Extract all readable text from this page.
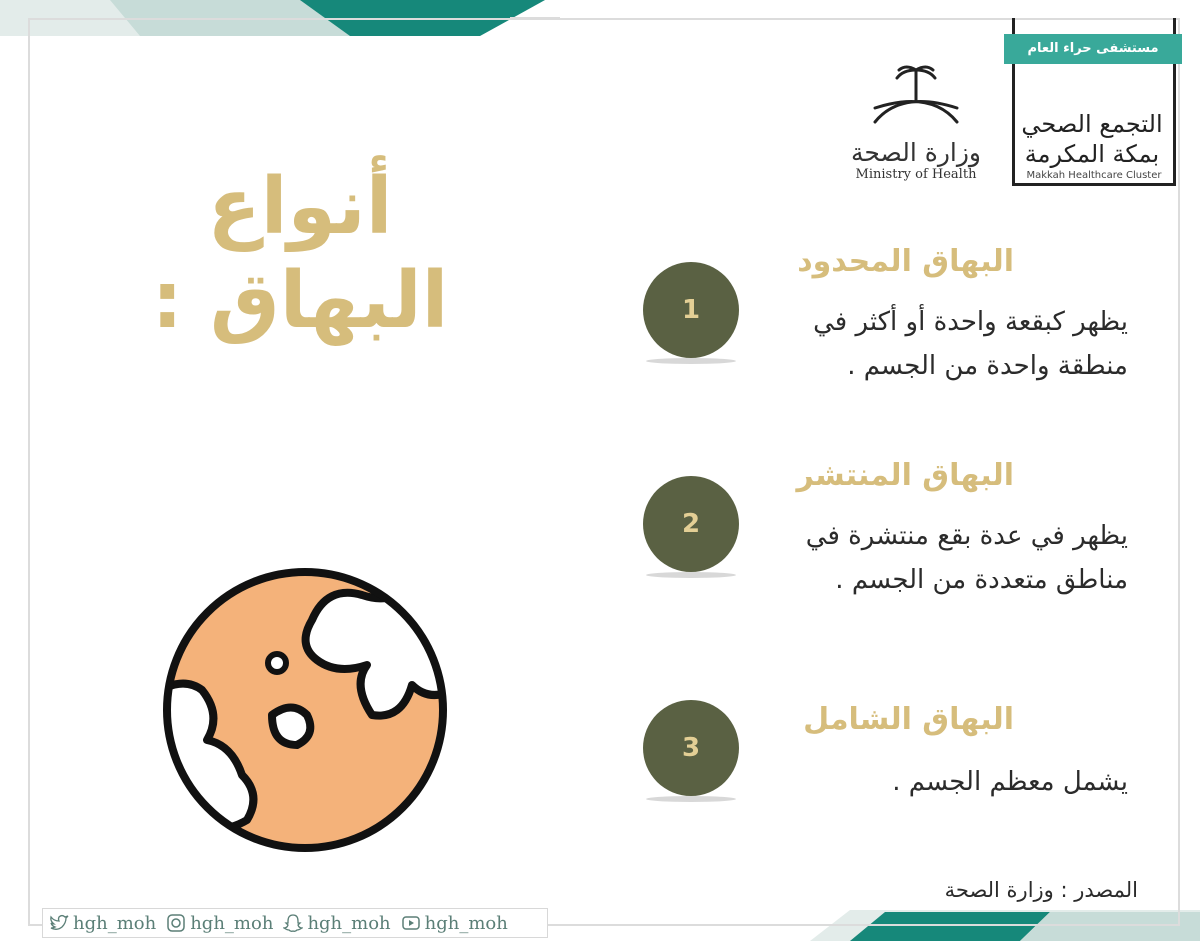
وزارة الصحة
Ministry of Health
مستشفى حراء العام
التجمع الصحي
بمكة المكرمة
Makkah Healthcare Cluster
أنواع
البهاق :	1
البهاق المحدود
يظهر كبقعة واحدة أو أكثر في
منطقة واحدة من الجسم .
2
البهاق المنتشر
يظهر في عدة بقع منتشرة في
مناطق متعددة من الجسم .
3
البهاق الشامل
يشمل معظم الجسم .
المصدر : وزارة الصحة
hgh_moh hgh_moh hgh_moh hgh_moh
